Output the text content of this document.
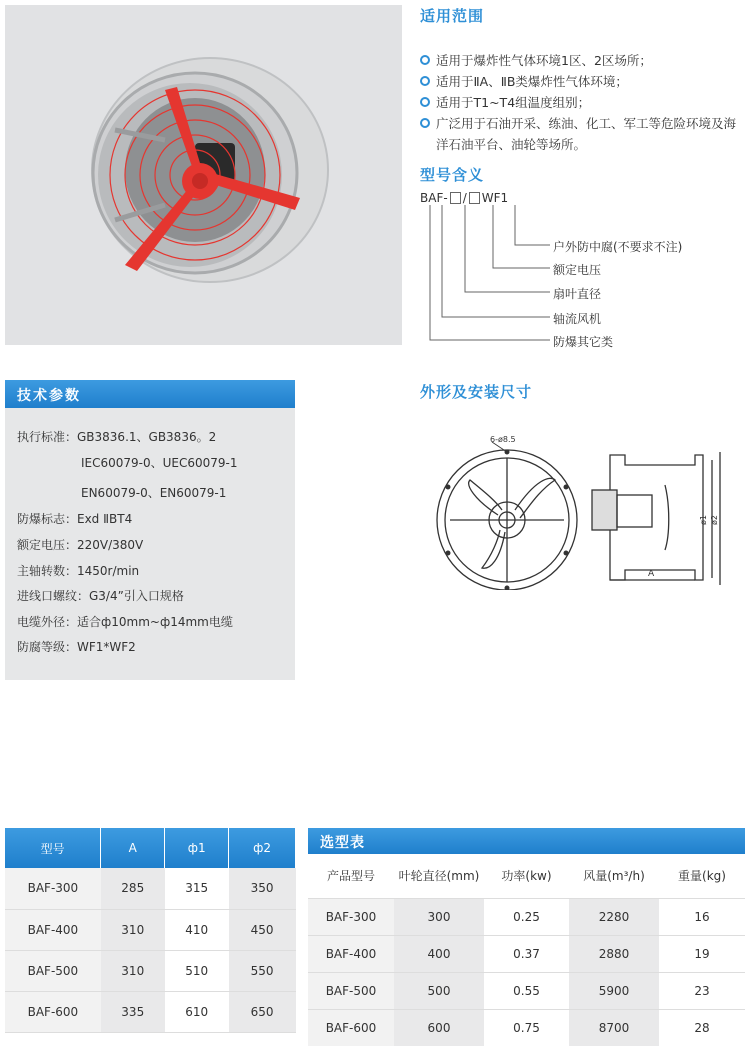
适用范围
适用于爆炸性气体环境1区、2区场所；
适用于ⅡA、ⅡB类爆炸性气体环境；
适用于T1~T4组温度组别；
广泛用于石油开采、练油、化工、军工等危险环境及海洋石油平台、油轮等场所。
型号含义
BAF- / WF1
户外防中腐(不要求不注)
额定电压
扇叶直径
轴流风机
防爆其它类
技术参数
执行标准：GB3836.1、GB3836。2
IEC60079-0、UEC60079-1
EN60079-0、EN60079-1
防爆标志：Exd ⅡBT4
额定电压：220V/380V
主轴转数：1450r/min
进线口螺纹：G3/4”引入口规格
电缆外径：适合ф10mm~ф14mm电缆
防腐等级：WF1*WF2
外形及安装尺寸
6-ø8.5
A
ø1 ø2
型号	A	ф1	ф2
BAF-300	285	315	350
BAF-400	310	410	450
BAF-500	310	510	550
BAF-600	335	610	650
选型表
产品型号	叶轮直径(mm)	功率(kw)	风量(m³/h)	重量(kg)
BAF-300	300	0.25	2280	16
BAF-400	400	0.37	2880	19
BAF-500	500	0.55	5900	23
BAF-600	600	0.75	8700	28
